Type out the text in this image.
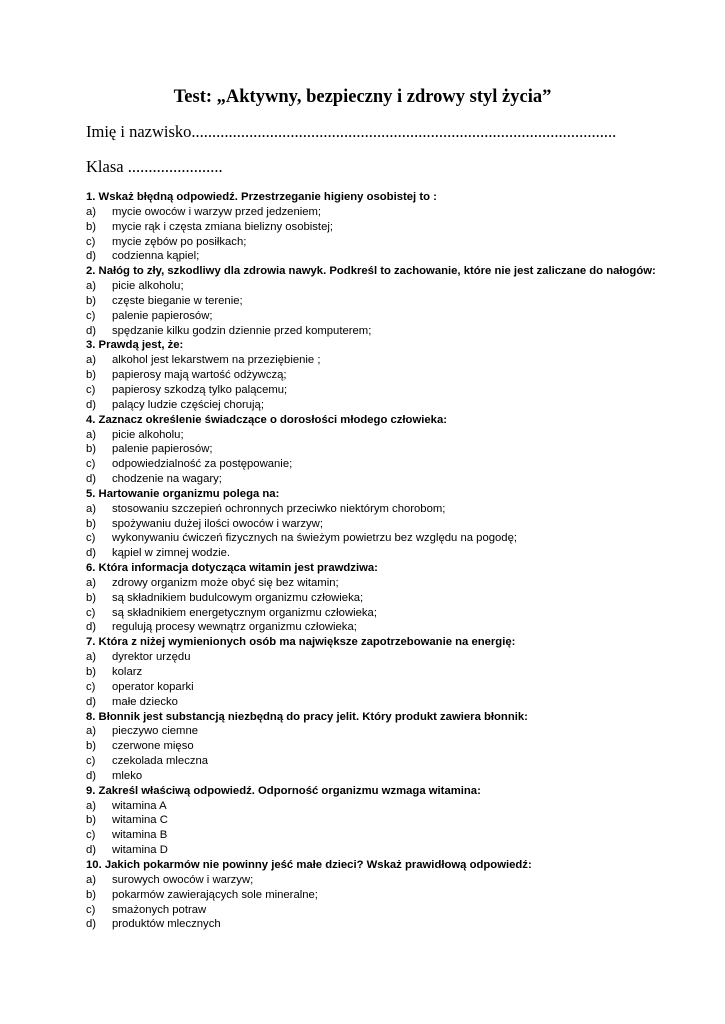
Test: „Aktywny, bezpieczny i zdrowy styl życia”
Imię i nazwisko.......................................................................................................
Klasa .......................
1. Wskaż błędną odpowiedź. Przestrzeganie higieny osobistej to :
a) mycie owoców i warzyw przed jedzeniem;
b) mycie rąk i częsta zmiana bielizny osobistej;
c) mycie zębów po posiłkach;
d) codzienna kąpiel;
2. Nałóg to zły, szkodliwy dla zdrowia nawyk. Podkreśl to zachowanie, które nie jest zaliczane do nałogów:
a) picie alkoholu;
b) częste bieganie w terenie;
c) palenie papierosów;
d) spędzanie kilku godzin dziennie przed komputerem;
3. Prawdą jest, że:
a) alkohol jest lekarstwem na przeziębienie ;
b) papierosy mają wartość odżywczą;
c) papierosy szkodzą tylko palącemu;
d) palący ludzie częściej chorują;
4. Zaznacz określenie świadczące o dorosłości młodego człowieka:
a) picie alkoholu;
b) palenie papierosów;
c) odpowiedzialność za postępowanie;
d) chodzenie na wagary;
5. Hartowanie organizmu polega na:
a) stosowaniu szczepień ochronnych przeciwko niektórym chorobom;
b) spożywaniu dużej ilości owoców i warzyw;
c) wykonywaniu ćwiczeń fizycznych na świeżym powietrzu bez względu na pogodę;
d) kąpiel w zimnej wodzie.
6. Która informacja dotycząca witamin jest prawdziwa:
a) zdrowy organizm może obyć się bez witamin;
b) są składnikiem budulcowym organizmu człowieka;
c) są składnikiem energetycznym organizmu człowieka;
d) regulują procesy wewnątrz organizmu człowieka;
7. Która z niżej wymienionych osób ma największe zapotrzebowanie na energię:
a) dyrektor urzędu
b) kolarz
c) operator koparki
d) małe dziecko
8. Błonnik jest substancją niezbędną do pracy jelit. Który produkt zawiera błonnik:
a) pieczywo ciemne
b) czerwone mięso
c) czekolada mleczna
d) mleko
9. Zakreśl właściwą odpowiedź. Odporność organizmu wzmaga witamina:
a) witamina A
b) witamina C
c) witamina B
d) witamina D
10. Jakich pokarmów nie powinny jeść małe dzieci? Wskaż prawidłową odpowiedź:
a) surowych owoców i warzyw;
b) pokarmów zawierających sole mineralne;
c) smażonych potraw
d) produktów mlecznych
